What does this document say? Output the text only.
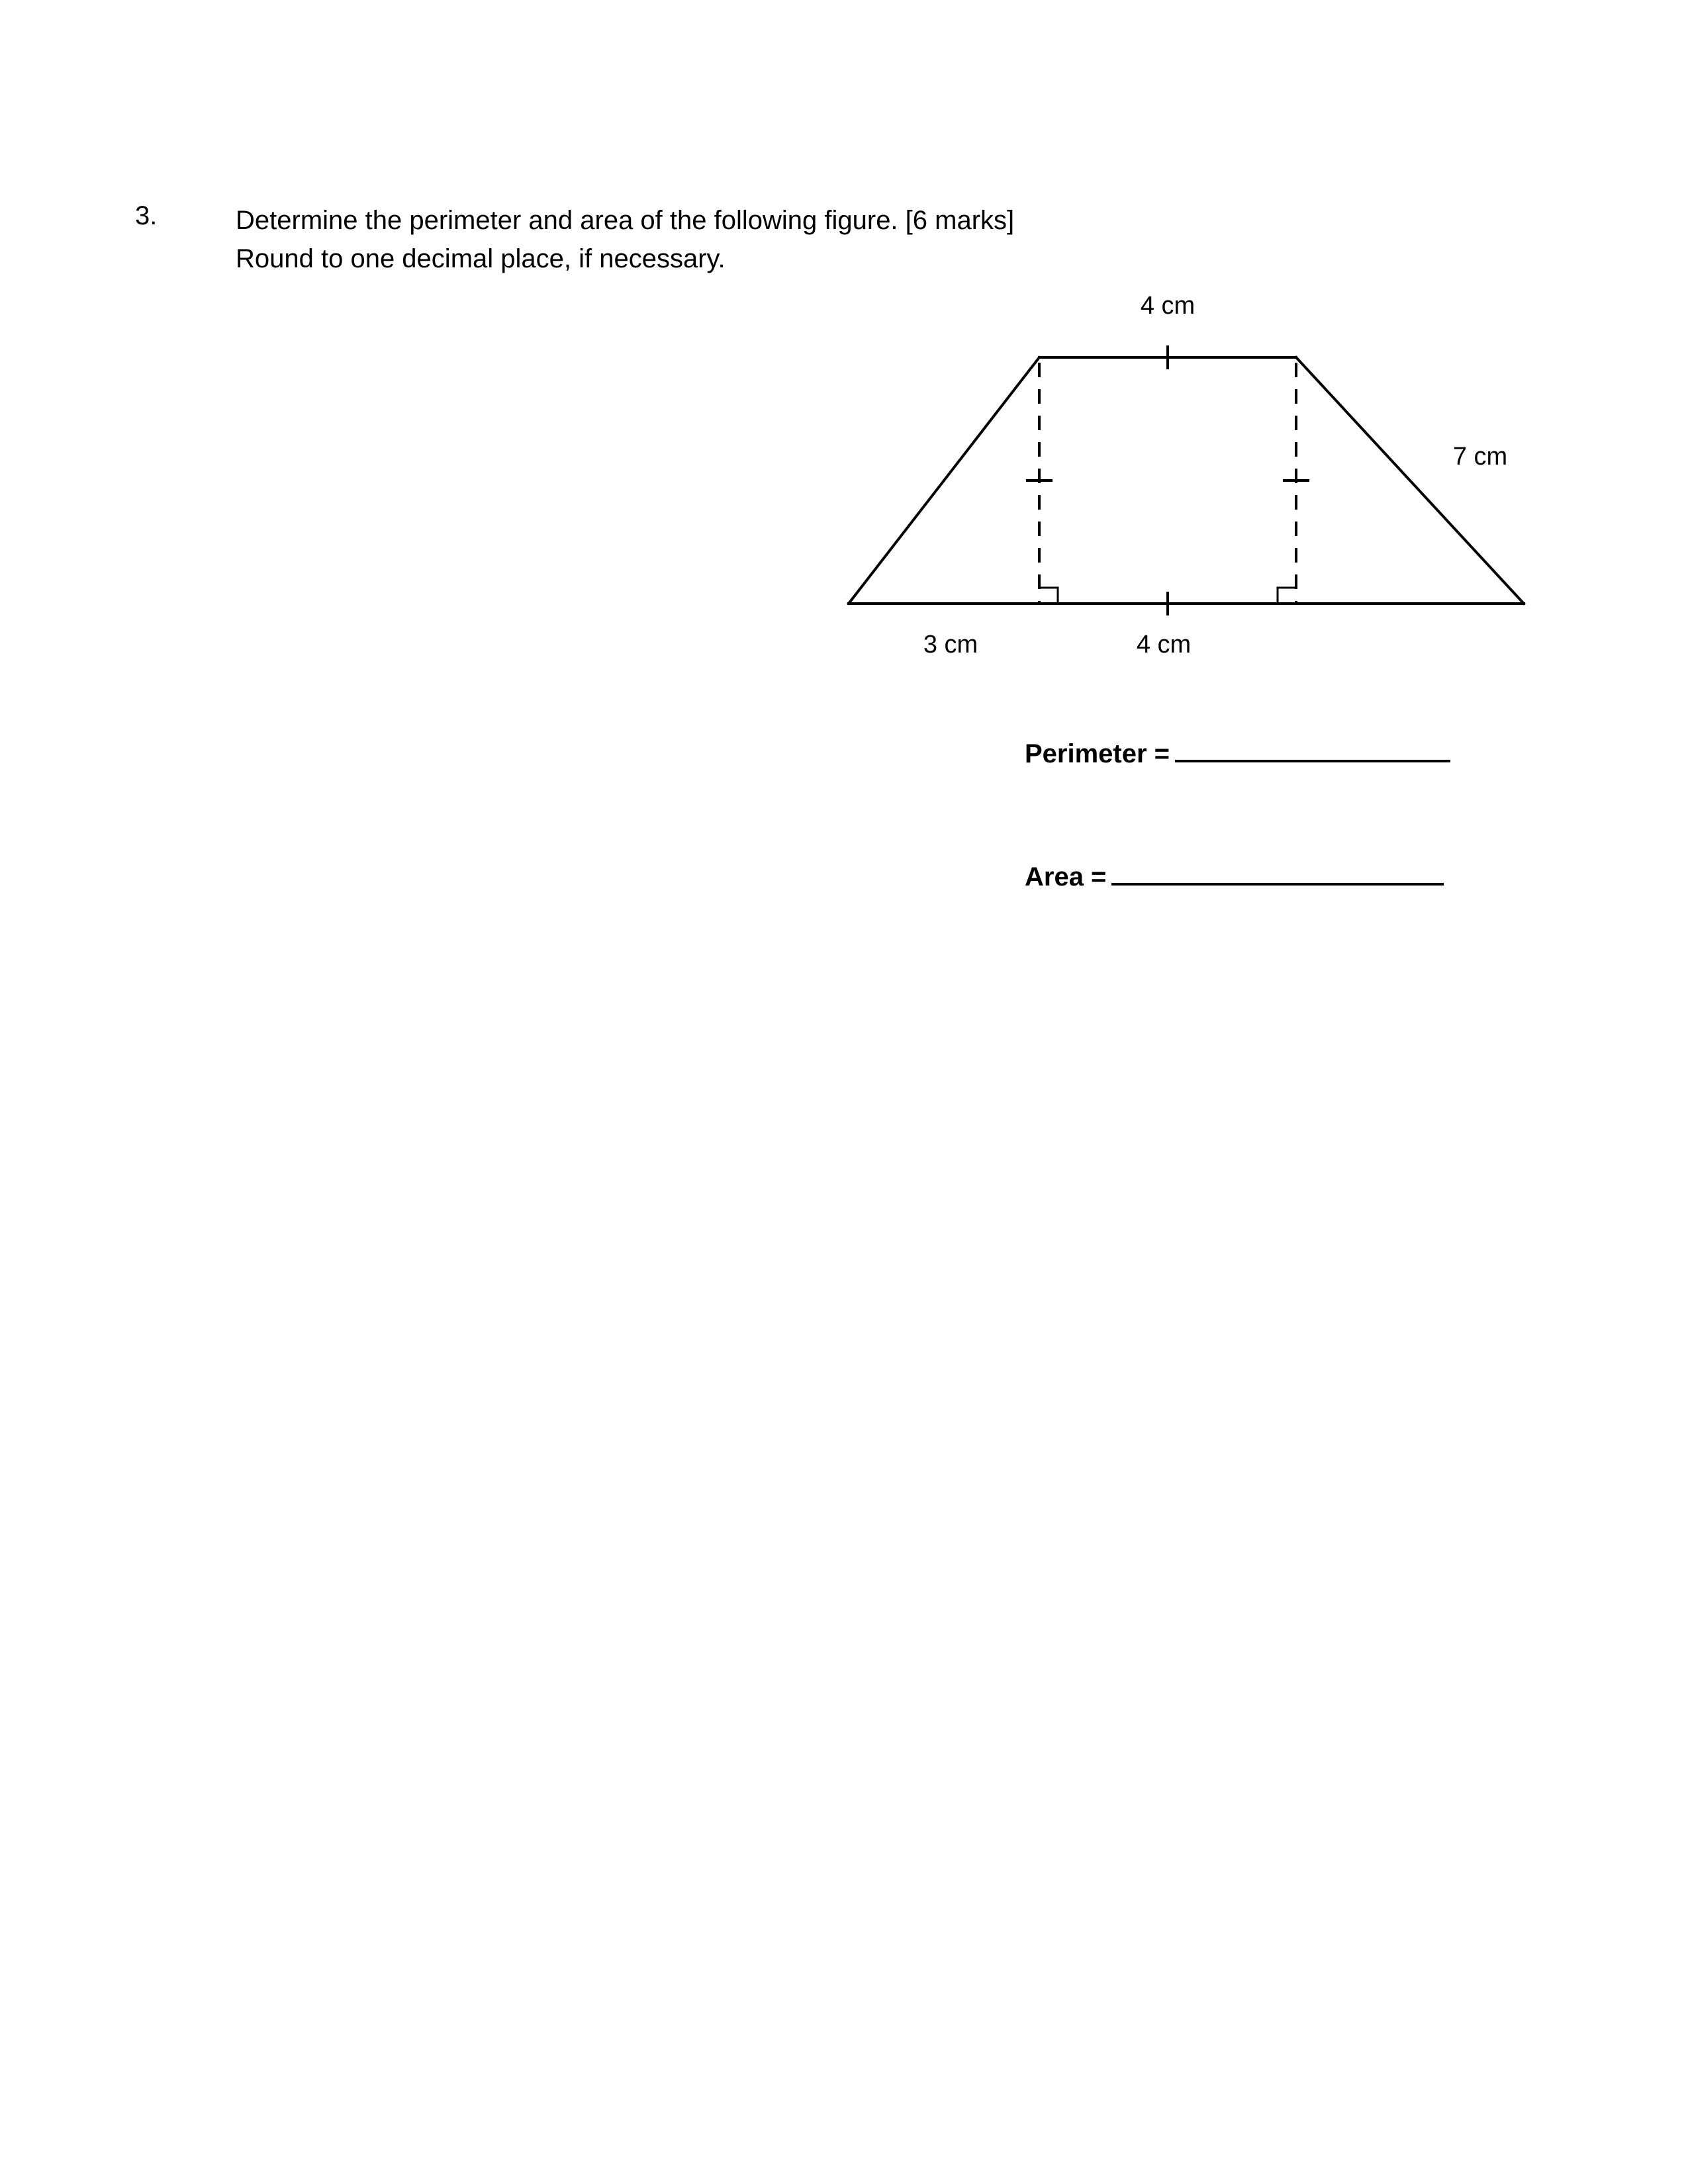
3.	Determine the perimeter and area of the following figure. [6 marks]
Round to one decimal place, if necessary.
4 cm
7 cm
3 cm	4 cm
Perimeter =
Area =
